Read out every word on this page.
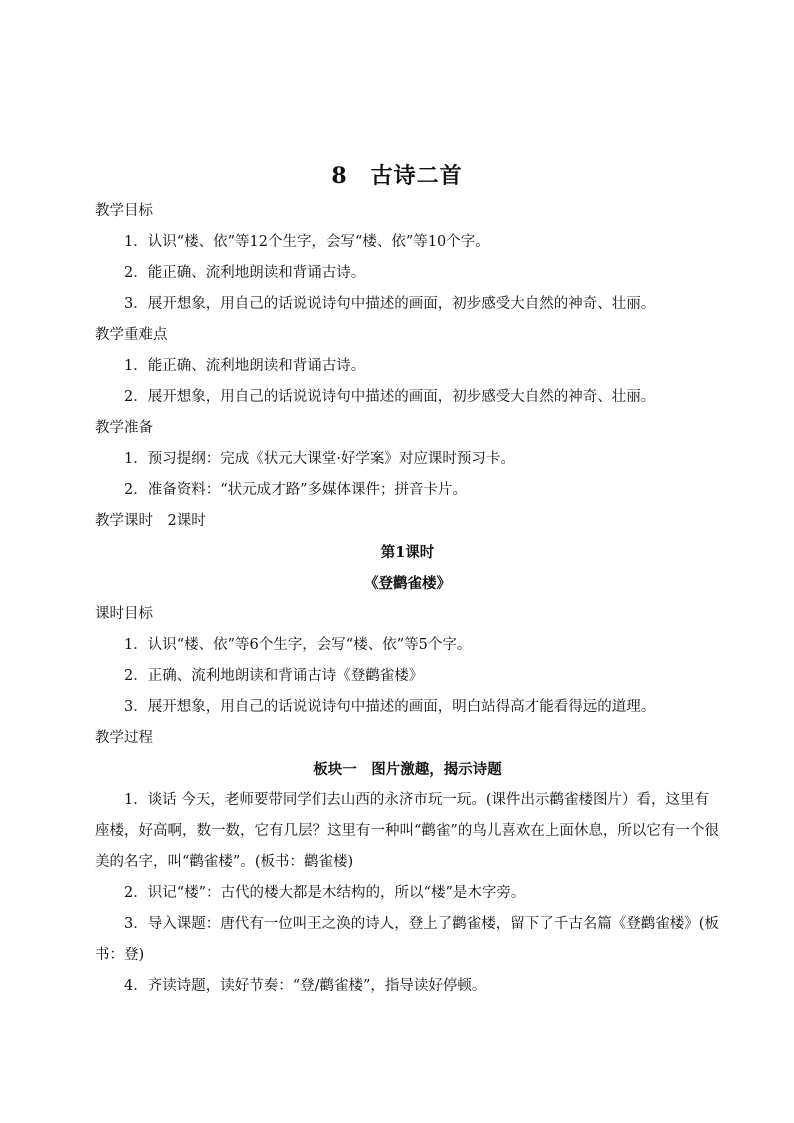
8　古诗二首
教学目标
1．认识“楼、依”等12个生字，会写“楼、依”等10个字。
2．能正确、流利地朗读和背诵古诗。
3．展开想象，用自己的话说说诗句中描述的画面，初步感受大自然的神奇、壮丽。
教学重难点
1．能正确、流利地朗读和背诵古诗。
2．展开想象，用自己的话说说诗句中描述的画面，初步感受大自然的神奇、壮丽。
教学准备
1．预习提纲：完成《状元大课堂·好学案》对应课时预习卡。
2．准备资料：“状元成才路”多媒体课件；拼音卡片。
教学课时　2课时
第1课时
《登鹳雀楼》
课时目标
1．认识“楼、依”等6个生字，会写“楼、依”等5个字。
2．正确、流利地朗读和背诵古诗《登鹳雀楼》
3．展开想象，用自己的话说说诗句中描述的画面，明白站得高才能看得远的道理。
教学过程
板块一　图片激趣，揭示诗题
1．谈话 今天，老师要带同学们去山西的永济市玩一玩。(课件出示鹳雀楼图片）看，这里有座楼，好高啊，数一数，它有几层？这里有一种叫“鹳雀”的鸟儿喜欢在上面休息，所以它有一个很美的名字，叫“鹳雀楼”。(板书：鹳雀楼)
2．识记“楼”：古代的楼大都是木结构的，所以“楼”是木字旁。
3．导入课题：唐代有一位叫王之涣的诗人，登上了鹳雀楼，留下了千古名篇《登鹳雀楼》(板书：登)
4．齐读诗题，读好节奏：“登/鹳雀楼”，指导读好停顿。
